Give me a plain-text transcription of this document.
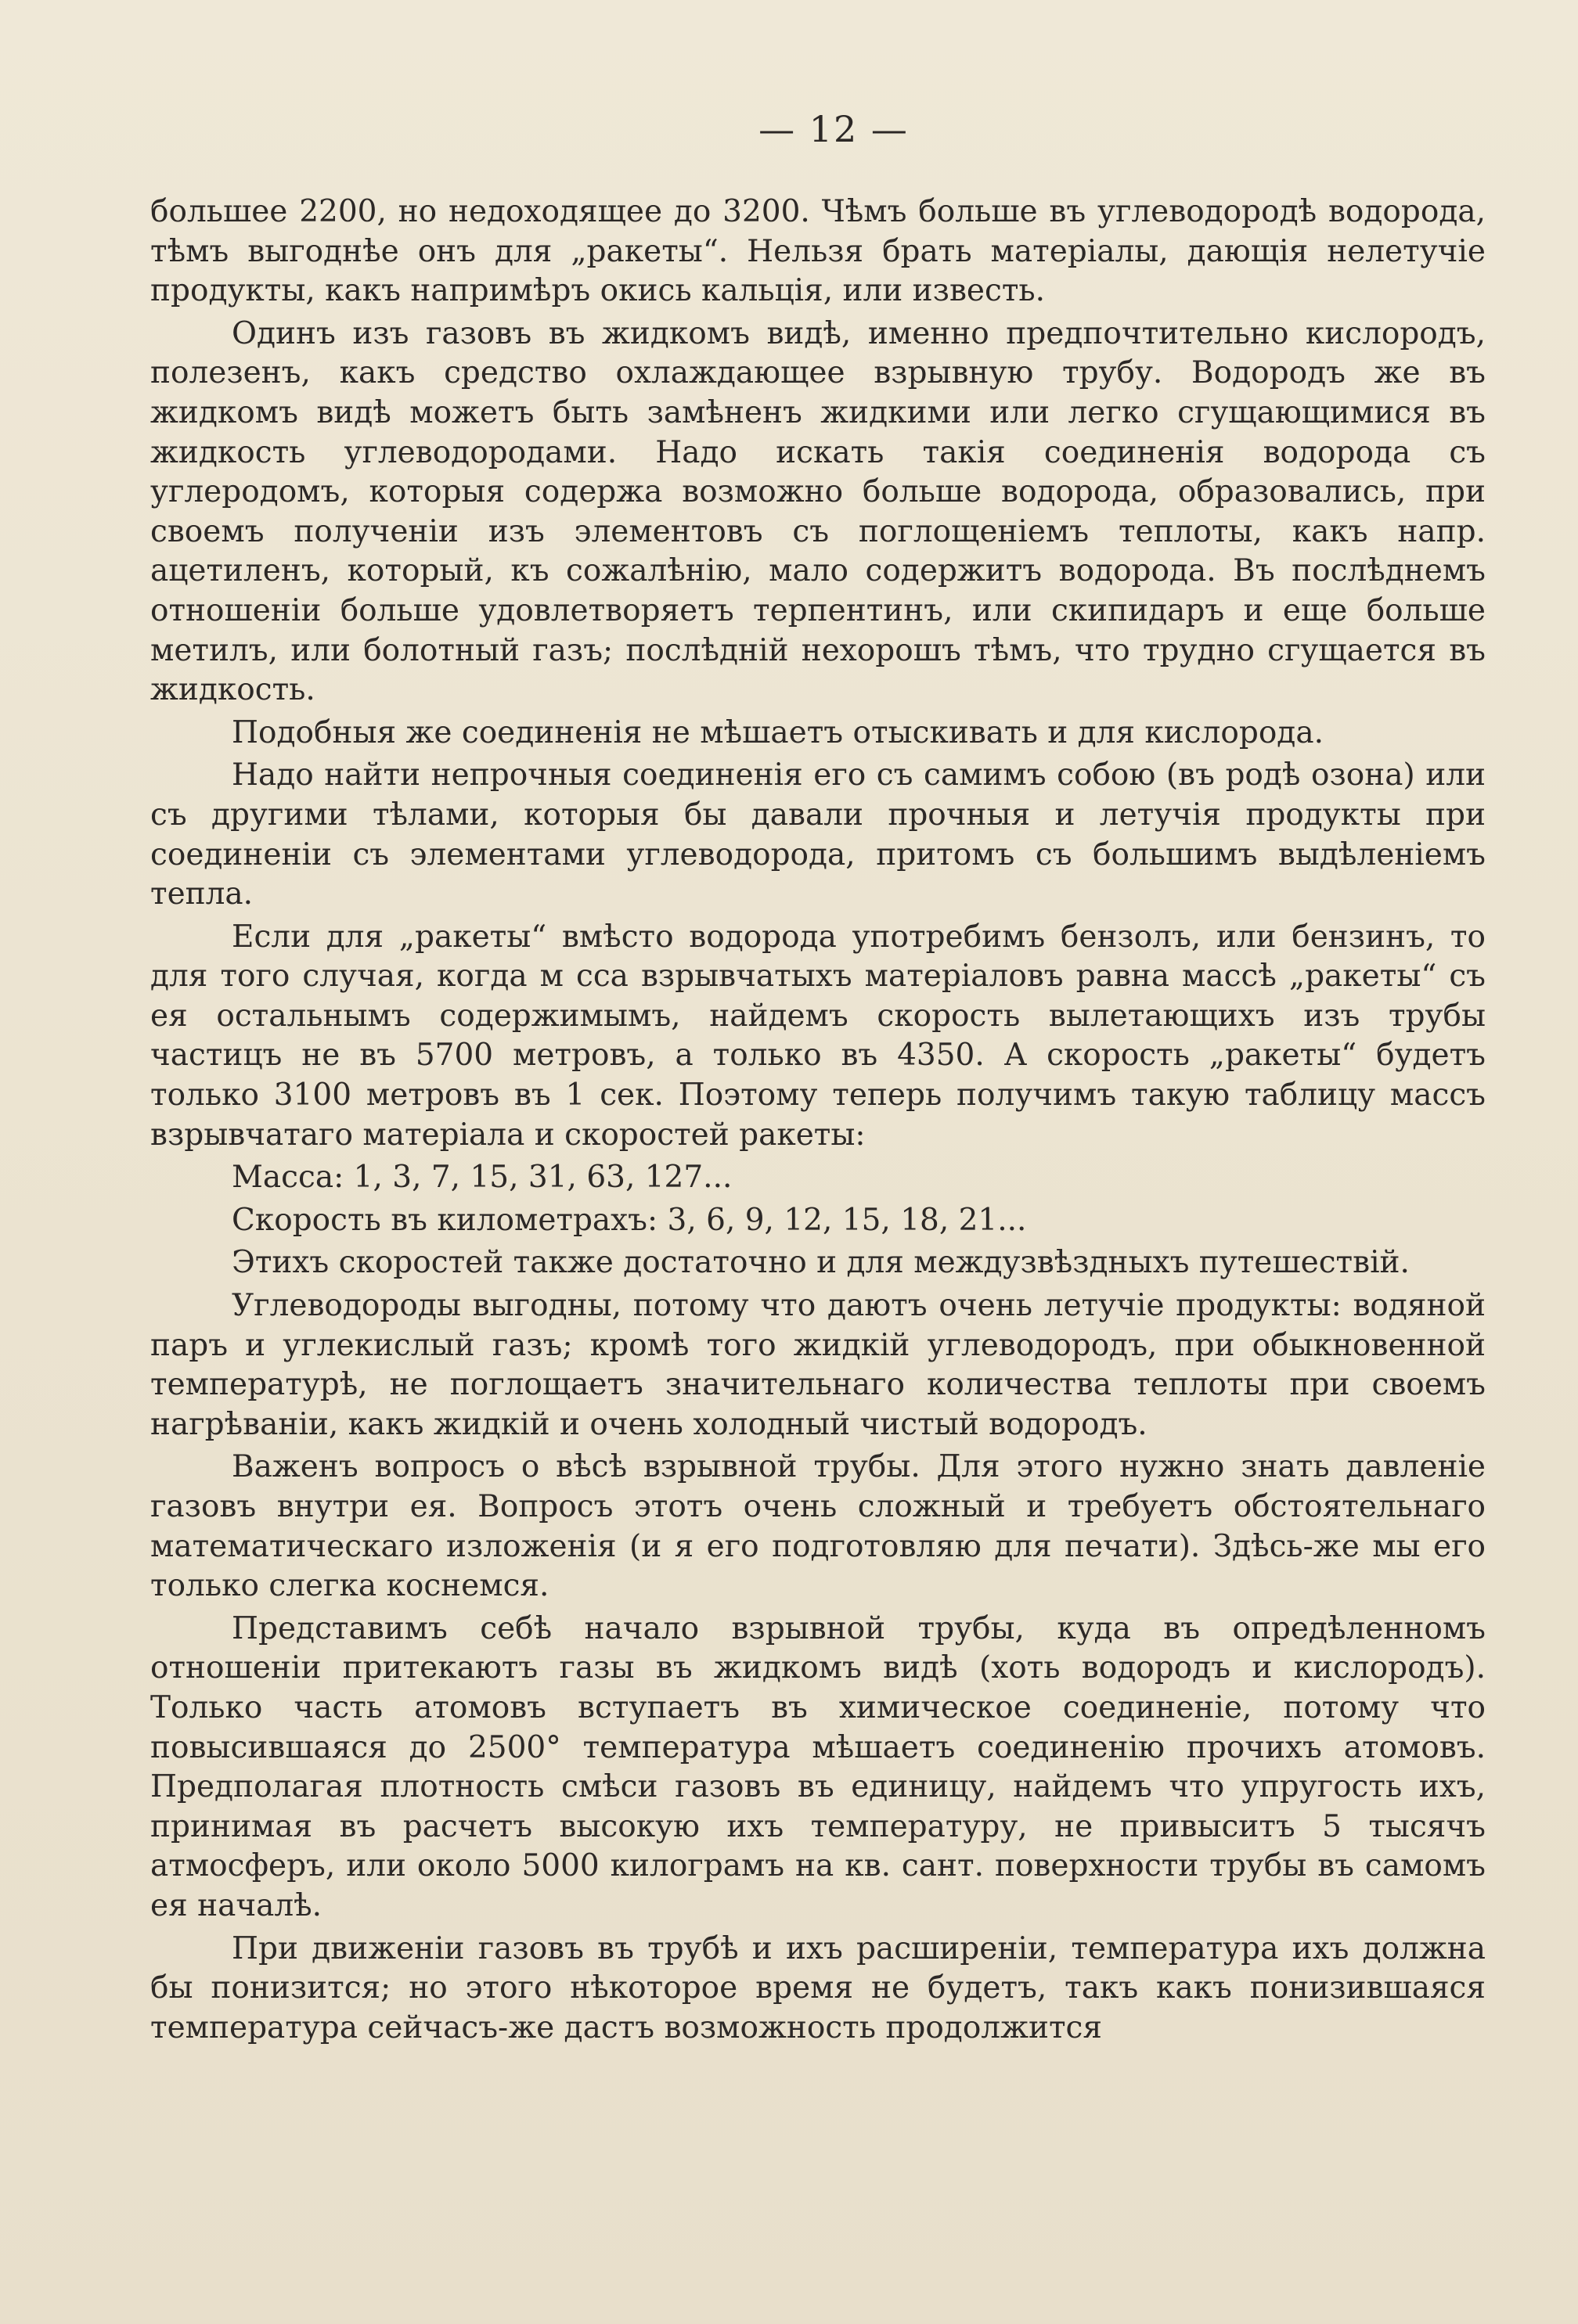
— 12 —

большее 2200, но недоходящее до 3200. Чѣмъ больше въ углеводородѣ водорода, тѣмъ выгоднѣе онъ для „ракеты“. Нельзя брать матеріалы, дающія нелетучіе продукты, какъ напримѣръ окись кальція, или известь.

Одинъ изъ газовъ въ жидкомъ видѣ, именно предпочтительно кислородъ, полезенъ, какъ средство охлаждающее взрывную трубу. Водородъ же въ жидкомъ видѣ можетъ быть замѣненъ жидкими или легко сгущающимися въ жидкость углеводородами. Надо искать такія соединенія водорода съ углеродомъ, которыя содержа возможно больше водорода, образовались, при своемъ полученіи изъ элементовъ съ поглощеніемъ теплоты, какъ напр. ацетиленъ, который, къ сожалѣнію, мало содержитъ водорода. Въ послѣднемъ отношеніи больше удовлетворяетъ терпентинъ, или скипидаръ и еще больше метилъ, или болотный газъ; послѣдній нехорошъ тѣмъ, что трудно сгущается въ жидкость.

Подобныя же соединенія не мѣшаетъ отыскивать и для кислорода.

Надо найти непрочныя соединенія его съ самимъ собою (въ родѣ озона) или съ другими тѣлами, которыя бы давали прочныя и летучія продукты при соединеніи съ элементами углеводорода, притомъ съ большимъ выдѣленіемъ тепла.

Если для „ракеты“ вмѣсто водорода употребимъ бензолъ, или бензинъ, то для того случая, когда м сса взрывчатыхъ матеріаловъ равна массѣ „ракеты“ съ ея остальнымъ содержимымъ, найдемъ скорость вылетающихъ изъ трубы частицъ не въ 5700 метровъ, а только въ 4350. А скорость „ракеты“ будетъ только 3100 метровъ въ 1 сек. Поэтому теперь получимъ такую таблицу массъ взрывчатаго матеріала и скоростей ракеты:

Масса: 1, 3, 7, 15, 31, 63, 127...

Скорость въ километрахъ: 3, 6, 9, 12, 15, 18, 21...

Этихъ скоростей также достаточно и для междузвѣздныхъ путешествій.

Углеводороды выгодны, потому что даютъ очень летучіе продукты: водяной паръ и углекислый газъ; кромѣ того жидкій углеводородъ, при обыкновенной температурѣ, не поглощаетъ значительнаго количества теплоты при своемъ нагрѣваніи, какъ жидкій и очень холодный чистый водородъ.

Важенъ вопросъ о вѣсѣ взрывной трубы. Для этого нужно знать давленіе газовъ внутри ея. Вопросъ этотъ очень сложный и требуетъ обстоятельнаго математическаго изложенія (и я его подготовляю для печати). Здѣсь-же мы его только слегка коснемся.

Представимъ себѣ начало взрывной трубы, куда въ опредѣленномъ отношеніи притекаютъ газы въ жидкомъ видѣ (хоть водородъ и кислородъ). Только часть атомовъ вступаетъ въ химическое соединеніе, потому что повысившаяся до 2500° температура мѣшаетъ соединенію прочихъ атомовъ. Предполагая плотность смѣси газовъ въ единицу, найдемъ что упругость ихъ, принимая въ расчетъ высокую ихъ температуру, не привыситъ 5 тысячъ атмосферъ, или около 5000 килограмъ на кв. сант. поверхности трубы въ самомъ ея началѣ.

При движеніи газовъ въ трубѣ и ихъ расширеніи, температура ихъ должна бы понизится; но этого нѣкоторое время не будетъ, такъ какъ понизившаяся температура сейчасъ-же дастъ возможность продолжится
